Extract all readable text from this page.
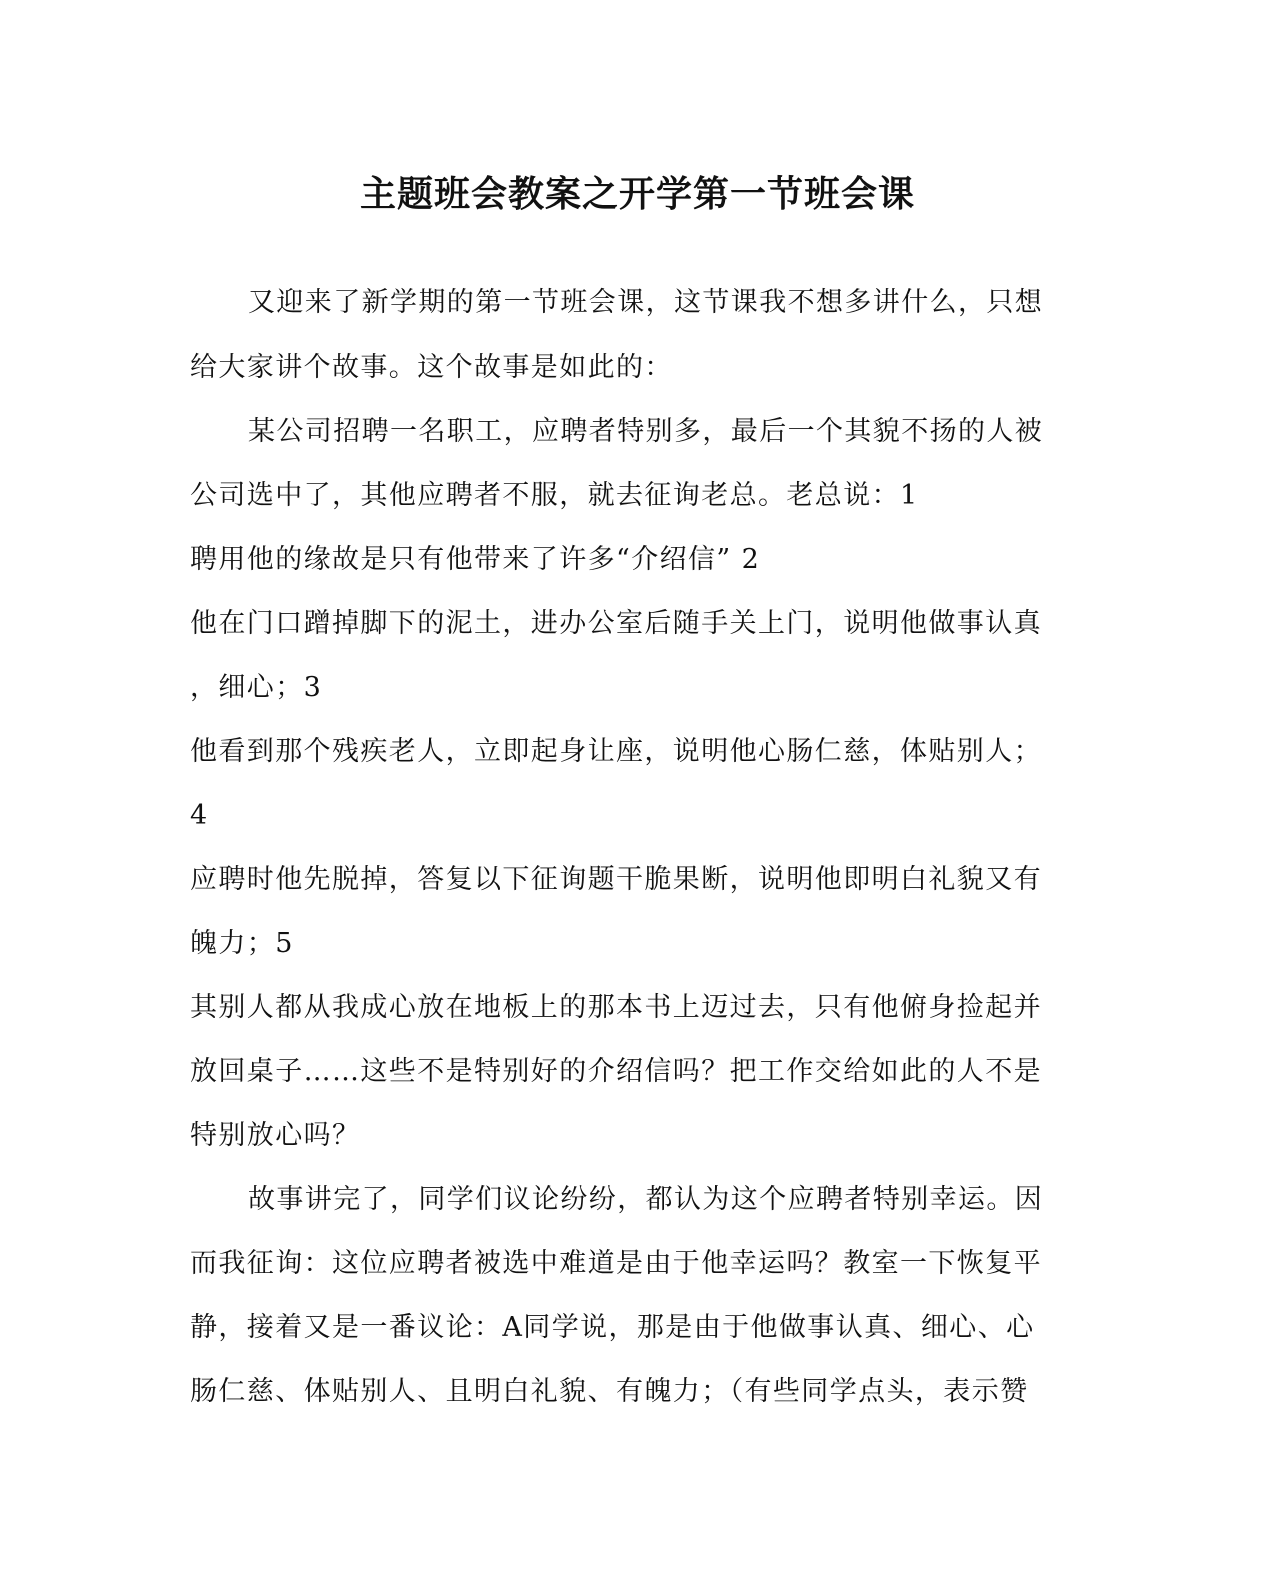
主题班会教案之开学第一节班会课

又迎来了新学期的第一节班会课，这节课我不想多讲什么，只想

给大家讲个故事。这个故事是如此的：

某公司招聘一名职工，应聘者特别多，最后一个其貌不扬的人被

公司选中了，其他应聘者不服，就去征询老总。老总说：1

聘用他的缘故是只有他带来了许多“介绍信” 2

他在门口蹭掉脚下的泥土，进办公室后随手关上门，说明他做事认真

，细心；3

他看到那个残疾老人，立即起身让座，说明他心肠仁慈，体贴别人；

4

应聘时他先脱掉，答复以下征询题干脆果断，说明他即明白礼貌又有

魄力；5

其别人都从我成心放在地板上的那本书上迈过去，只有他俯身捡起并

放回桌子……这些不是特别好的介绍信吗？把工作交给如此的人不是

特别放心吗？

故事讲完了，同学们议论纷纷，都认为这个应聘者特别幸运。因

而我征询：这位应聘者被选中难道是由于他幸运吗？教室一下恢复平

静，接着又是一番议论：A同学说，那是由于他做事认真、细心、心

肠仁慈、体贴别人、且明白礼貌、有魄力；（有些同学点头，表示赞
